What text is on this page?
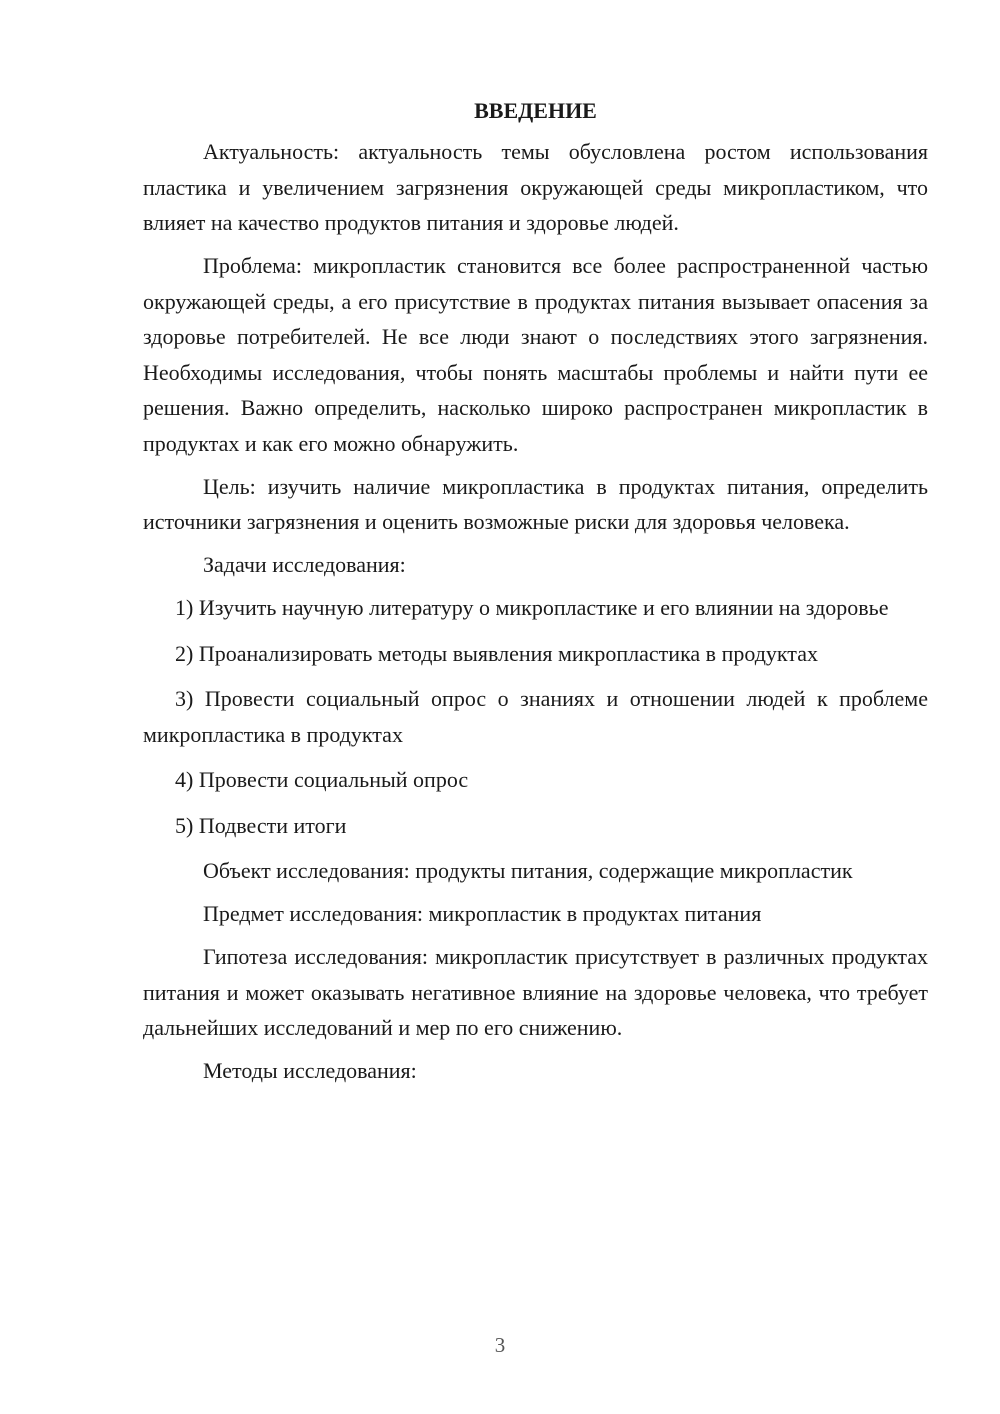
ВВЕДЕНИЕ

Актуальность: актуальность темы обусловлена ростом использования пластика и увеличением загрязнения окружающей среды микропластиком, что влияет на качество продуктов питания и здоровье людей.

Проблема: микропластик становится все более распространенной частью окружающей среды, а его присутствие в продуктах питания вызывает опасения за здоровье потребителей. Не все люди знают о последствиях этого загрязнения. Необходимы исследования, чтобы понять масштабы проблемы и найти пути ее решения. Важно определить, насколько широко распространен микропластик в продуктах и как его можно обнаружить.

Цель: изучить наличие микропластика в продуктах питания, определить источники загрязнения и оценить возможные риски для здоровья человека.

Задачи исследования:

1) Изучить научную литературу о микропластике и его влиянии на здоровье

2) Проанализировать методы выявления микропластика в продуктах

3) Провести социальный опрос о знаниях и отношении людей к проблеме микропластика в продуктах

4) Провести социальный опрос

5) Подвести итоги

Объект исследования: продукты питания, содержащие микропластик

Предмет исследования: микропластик в продуктах питания

Гипотеза исследования: микропластик присутствует в различных продуктах питания и может оказывать негативное влияние на здоровье человека, что требует дальнейших исследований и мер по его снижению.

Методы исследования:

3
